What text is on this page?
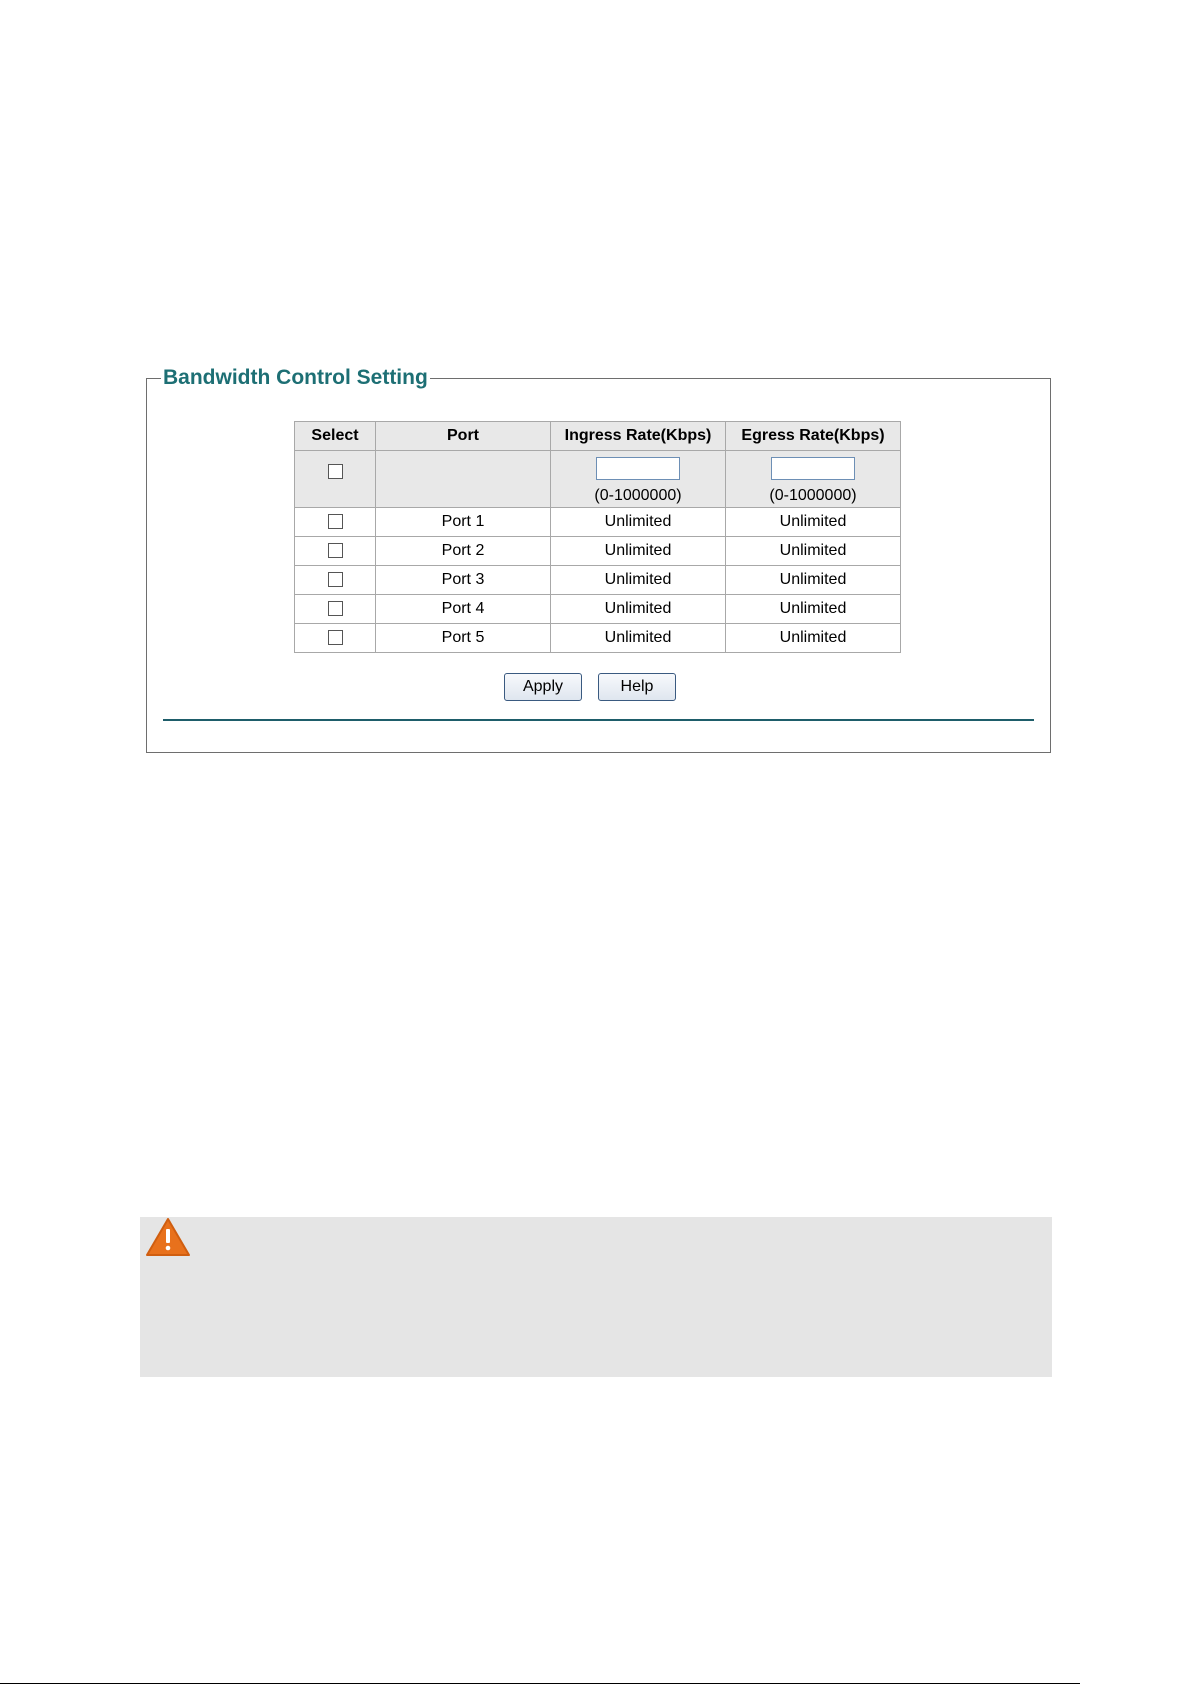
Bandwidth Control Setting
Select	Port	Ingress Rate(Kbps)	Egress Rate(Kbps)

		(0-1000000)	(0-1000000)

	Port 1	Unlimited	Unlimited
	Port 2	Unlimited	Unlimited
	Port 3	Unlimited	Unlimited
	Port 4	Unlimited	Unlimited
	Port 5	Unlimited	Unlimited
Apply	Help
